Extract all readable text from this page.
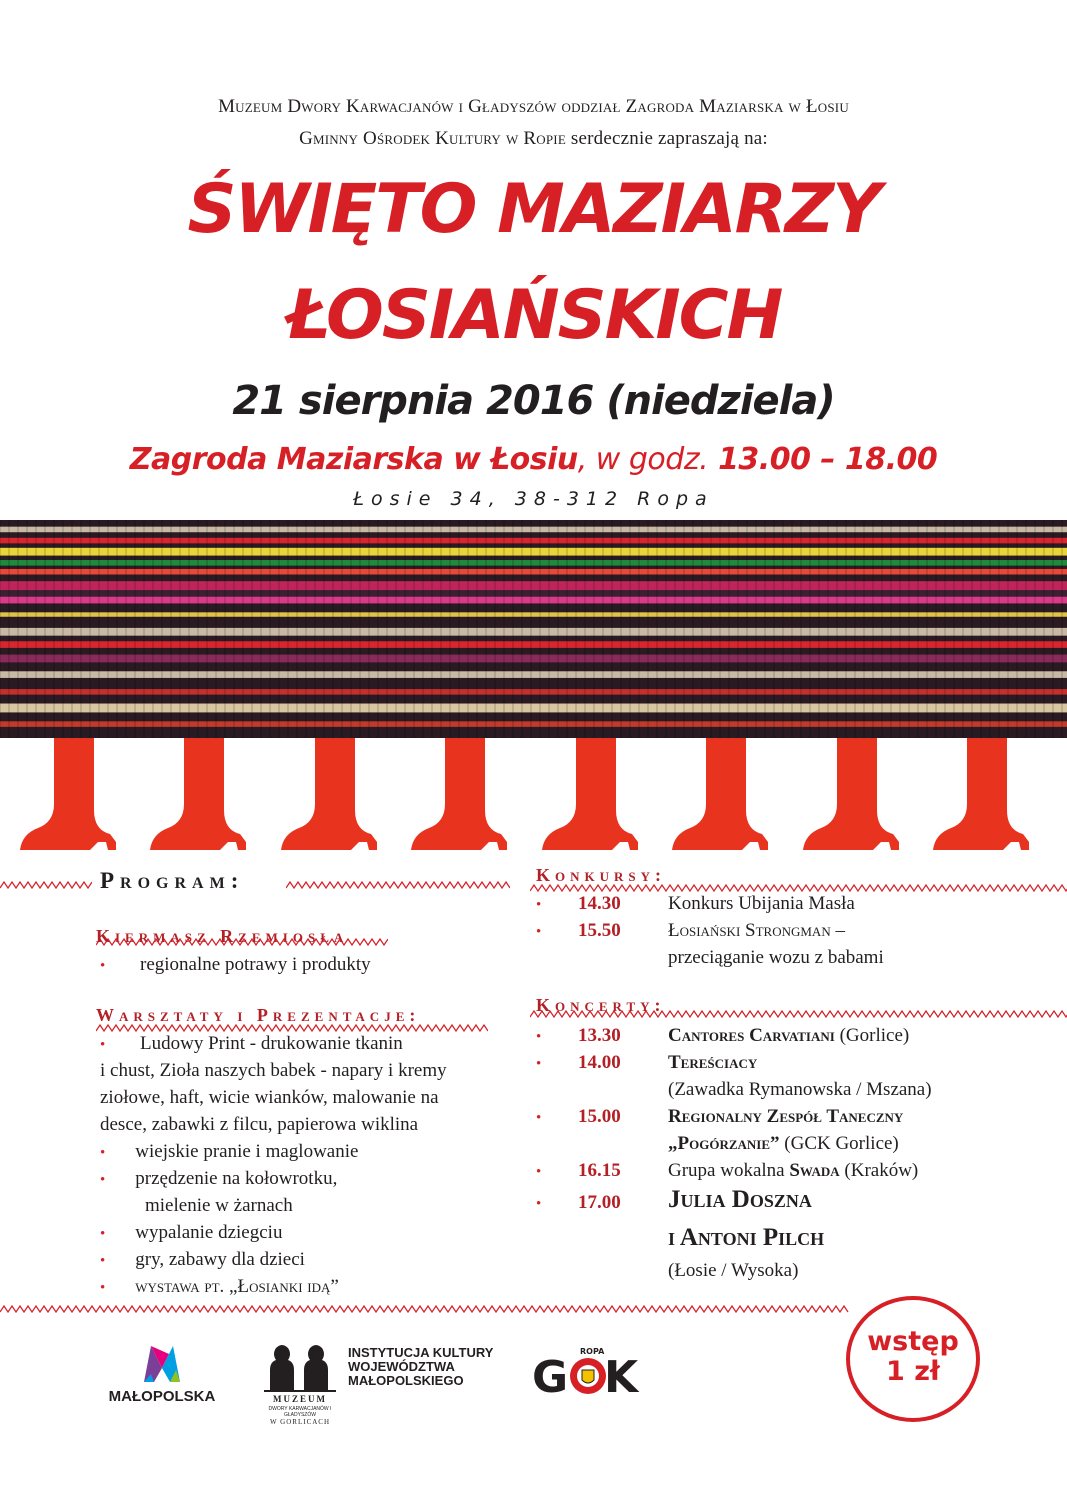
Muzeum Dwory Karwacjanów i Gładyszów oddział Zagroda Maziarska w Łosiu
Gminny Ośrodek Kultury w Ropie serdecznie zapraszają na:
ŚWIĘTO MAZIARZY
ŁOSIAŃSKICH
21 sierpnia 2016 (niedziela)
Zagroda Maziarska w Łosiu, w godz. 13.00 – 18.00
Łosie 34, 38-312 Ropa
Program:
Kiermasz Rzemiosła
• regionalne potrawy i produkty
Warsztaty i Prezentacje:
• Ludowy Print - drukowanie tkanin
i chust, Zioła naszych babek - napary i kremy
ziołowe, haft, wicie wianków, malowanie na
desce, zabawki z filcu, papierowa wiklina
• wiejskie pranie i maglowanie
• przędzenie na kołowrotku,
mielenie w żarnach
• wypalanie dziegciu
• gry, zabawy dla dzieci
• wystawa pt. „Łosianki idą”
Konkursy:
• 14.30 Konkurs Ubijania Masła
• 15.50 Łosiański Strongman –
przeciąganie wozu z babami
Koncerty:
• 13.30 Cantores Carvatiani (Gorlice)
• 14.00 Tereściacy
(Zawadka Rymanowska / Mszana)
• 15.00 Regionalny Zespół Taneczny
„Pogórzanie” (GCK Gorlice)
• 16.15 Grupa wokalna Swada (Kraków)
• 17.00 Julia Doszna
i Antoni Pilch
(Łosie / Wysoka)
wstęp
1 zł
MAŁOPOLSKA	MUZEUM
DWORY KARWACJANÓW I GŁADYSZÓW
W GORLICACH
INSTYTUCJA KULTURY
WOJEWÓDZTWA
MAŁOPOLSKIEGO	G K
ROPA
